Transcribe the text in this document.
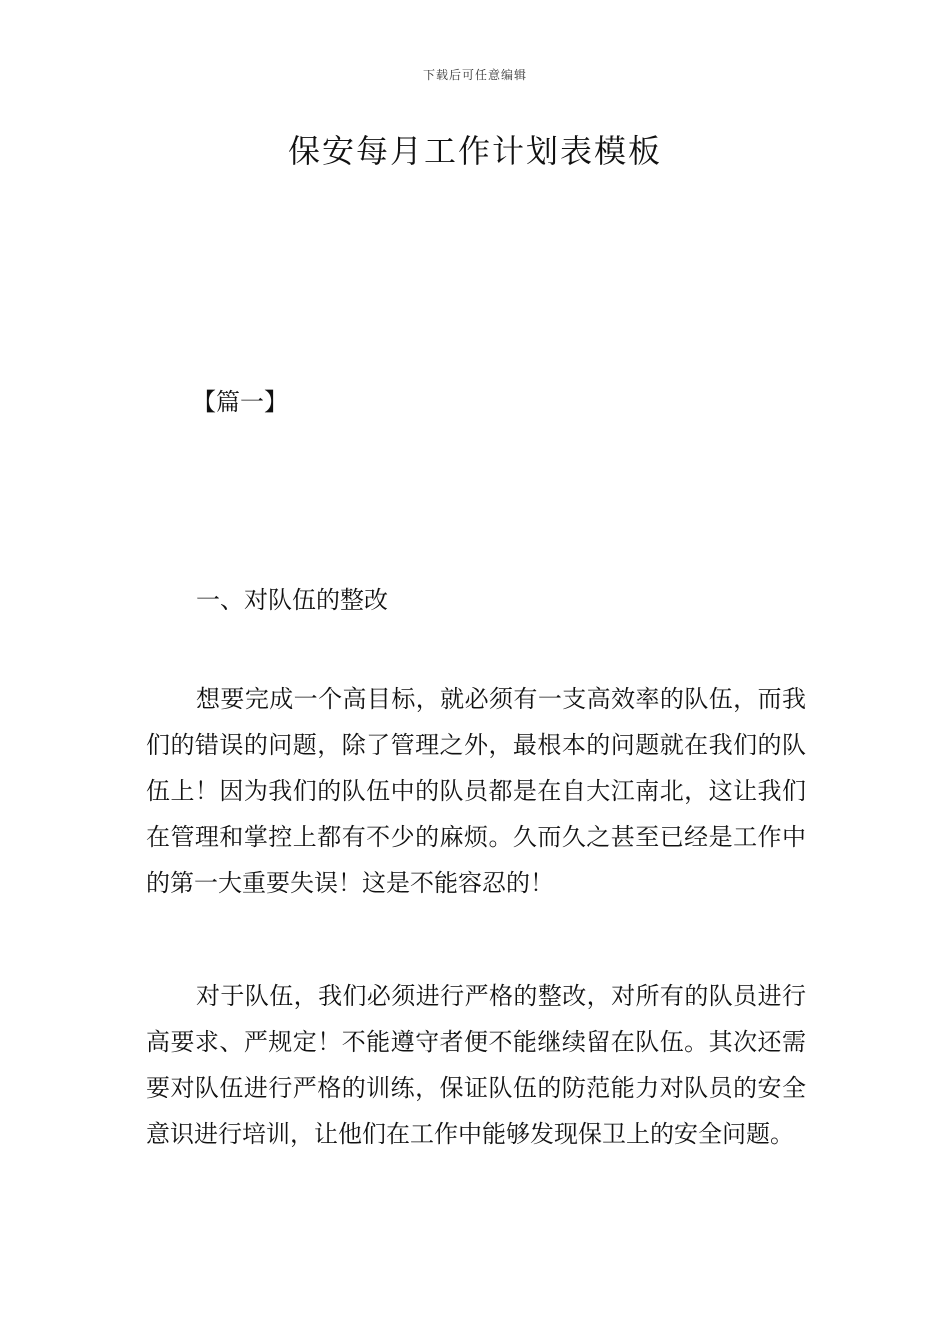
下载后可任意编辑
保安每月工作计划表模板
【篇一】
一、对队伍的整改

想要完成一个高目标，就必须有一支高效率的队伍，而我们的错误的问题，除了管理之外，最根本的问题就在我们的队伍上！因为我们的队伍中的队员都是在自大江南北，这让我们在管理和掌控上都有不少的麻烦。久而久之甚至已经是工作中的第一大重要失误！这是不能容忍的！

对于队伍，我们必须进行严格的整改，对所有的队员进行高要求、严规定！不能遵守者便不能继续留在队伍。其次还需要对队伍进行严格的训练，保证队伍的防范能力对队员的安全意识进行培训，让他们在工作中能够发现保卫上的安全问题。
